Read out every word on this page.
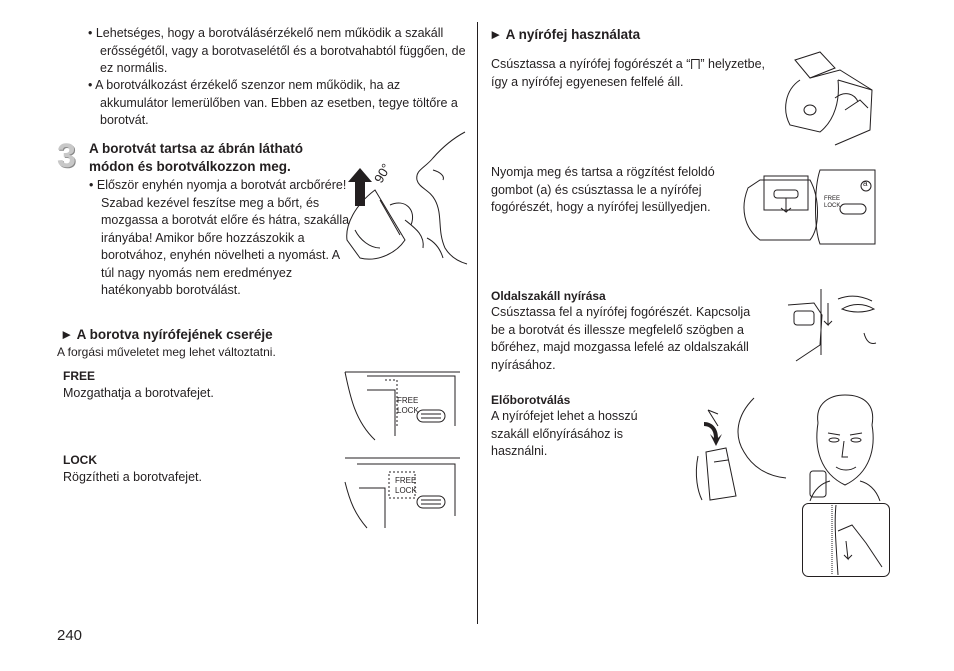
• Lehetséges, hogy a borotválásérzékelő nem működik a szakáll erősségétől, vagy a borotvaselétől és a borotvahabtól függően, de ez normális.
• A borotválkozást érzékelő szenzor nem működik, ha az akkumulátor lemerülőben van. Ebben az esetben, tegye töltőre a borotvát.
3 A borotvát tartsa az ábrán látható módon és borotválkozzon meg.
• Először enyhén nyomja a borotvát arcbőrére! Szabad kezével feszítse meg a bőrt, és mozgassa a borotvát előre és hátra, szakálla irányába! Amikor bőre hozzászokik a borotvához, enyhén növelheti a nyomást. A túl nagy nyomás nem eredményez hatékonyabb borotválást.
90°
► A borotva nyírófejének cseréje
A forgási műveletet meg lehet változtatni.
FREE
Mozgathatja a borotvafejet.
LOCK
Rögzítheti a borotvafejet.
FREE
LOCK
FREE
LOCK
240
► A nyírófej használata
Csúsztassa a nyírófej fogórészét a “⨅” helyzetbe, így a nyírófej egyenesen felfelé áll.
Nyomja meg és tartsa a rögzítést feloldó gombot (a) és csúsztassa le a nyírófej fogórészét, hogy a nyírófej lesüllyedjen.
a
FREE
LOCK
Oldalszakáll nyírása
Csúsztassa fel a nyírófej fogórészét. Kapcsolja be a borotvát és illessze megfelelő szögben a bőréhez, majd mozgassa lefelé az oldalszakáll nyírásához.
Előborotválás
A nyírófejet lehet a hosszú szakáll előnyírásához is használni.
